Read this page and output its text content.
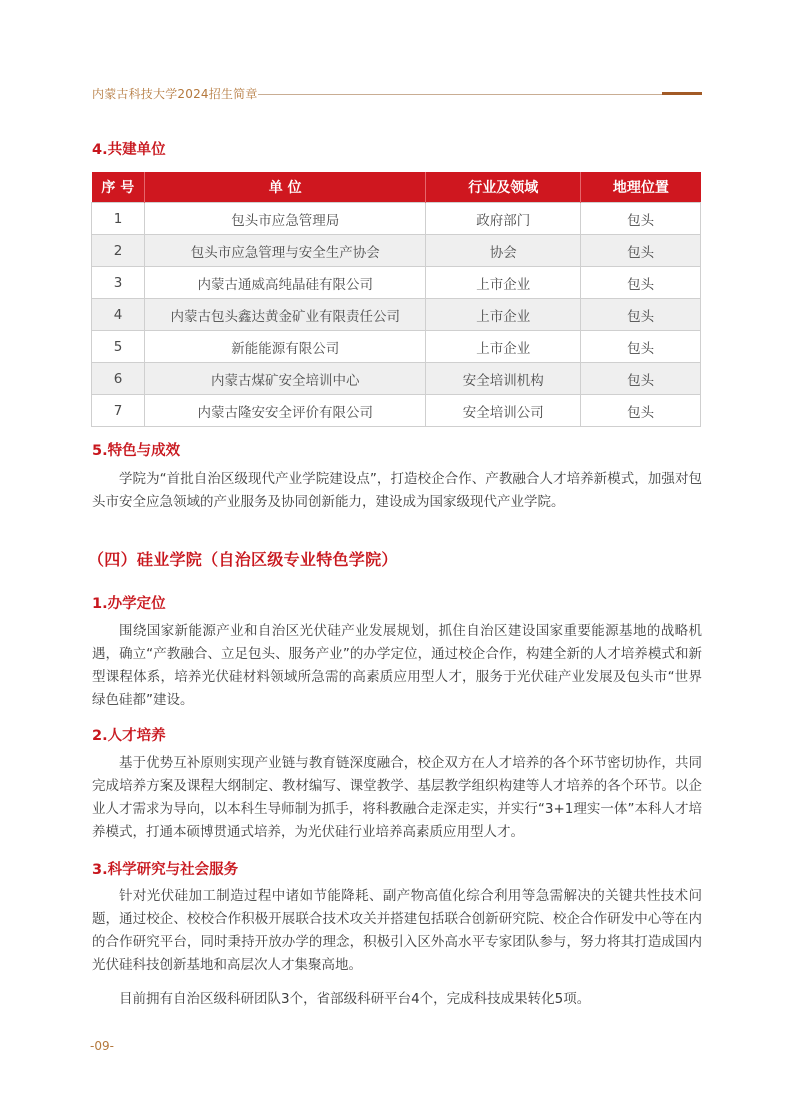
内蒙古科技大学2024招生简章
4.共建单位
序 号	单 位	行业及领域	地理位置
1	包头市应急管理局	政府部门	包头
2	包头市应急管理与安全生产协会	协会	包头
3	内蒙古通威高纯晶硅有限公司	上市企业	包头
4	内蒙古包头鑫达黄金矿业有限责任公司	上市企业	包头
5	新能能源有限公司	上市企业	包头
6	内蒙古煤矿安全培训中心	安全培训机构	包头
7	内蒙古隆安安全评价有限公司	安全培训公司	包头
5.特色与成效

学院为“首批自治区级现代产业学院建设点”，打造校企合作、产教融合人才培养新模式，加强对包头市安全应急领域的产业服务及协同创新能力，建设成为国家级现代产业学院。

（四）硅业学院（自治区级专业特色学院）
1.办学定位

围绕国家新能源产业和自治区光伏硅产业发展规划，抓住自治区建设国家重要能源基地的战略机遇，确立“产教融合、立足包头、服务产业”的办学定位，通过校企合作，构建全新的人才培养模式和新型课程体系，培养光伏硅材料领域所急需的高素质应用型人才，服务于光伏硅产业发展及包头市“世界绿色硅都”建设。

2.人才培养

基于优势互补原则实现产业链与教育链深度融合，校企双方在人才培养的各个环节密切协作，共同完成培养方案及课程大纲制定、教材编写、课堂教学、基层教学组织构建等人才培养的各个环节。以企业人才需求为导向，以本科生导师制为抓手，将科教融合走深走实，并实行“3+1理实一体”本科人才培养模式，打通本硕博贯通式培养，为光伏硅行业培养高素质应用型人才。

3.科学研究与社会服务

针对光伏硅加工制造过程中诸如节能降耗、副产物高值化综合利用等急需解决的关键共性技术问题，通过校企、校校合作积极开展联合技术攻关并搭建包括联合创新研究院、校企合作研发中心等在内的合作研究平台，同时秉持开放办学的理念，积极引入区外高水平专家团队参与，努力将其打造成国内光伏硅科技创新基地和高层次人才集聚高地。

目前拥有自治区级科研团队3个，省部级科研平台4个，完成科技成果转化5项。

-09-
